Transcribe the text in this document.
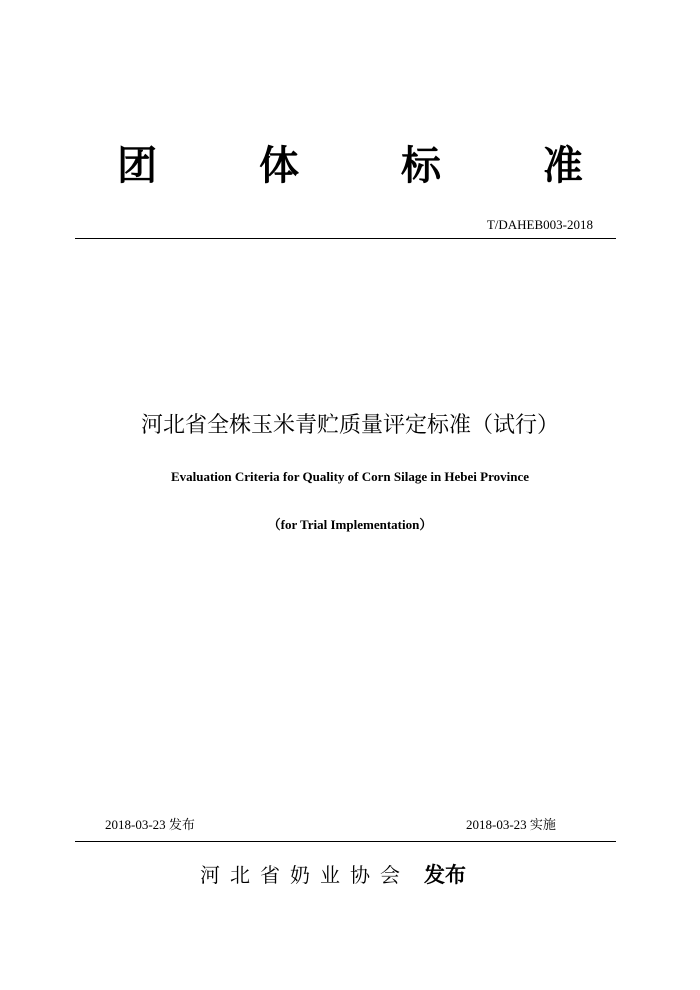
团 体 标 准
T/DAHEB003-2018
河北省全株玉米青贮质量评定标准（试行）
Evaluation Criteria for Quality of Corn Silage in Hebei Province
（for Trial Implementation）
2018-03-23 发布	2018-03-23 实施
河北省奶业协会 发布
